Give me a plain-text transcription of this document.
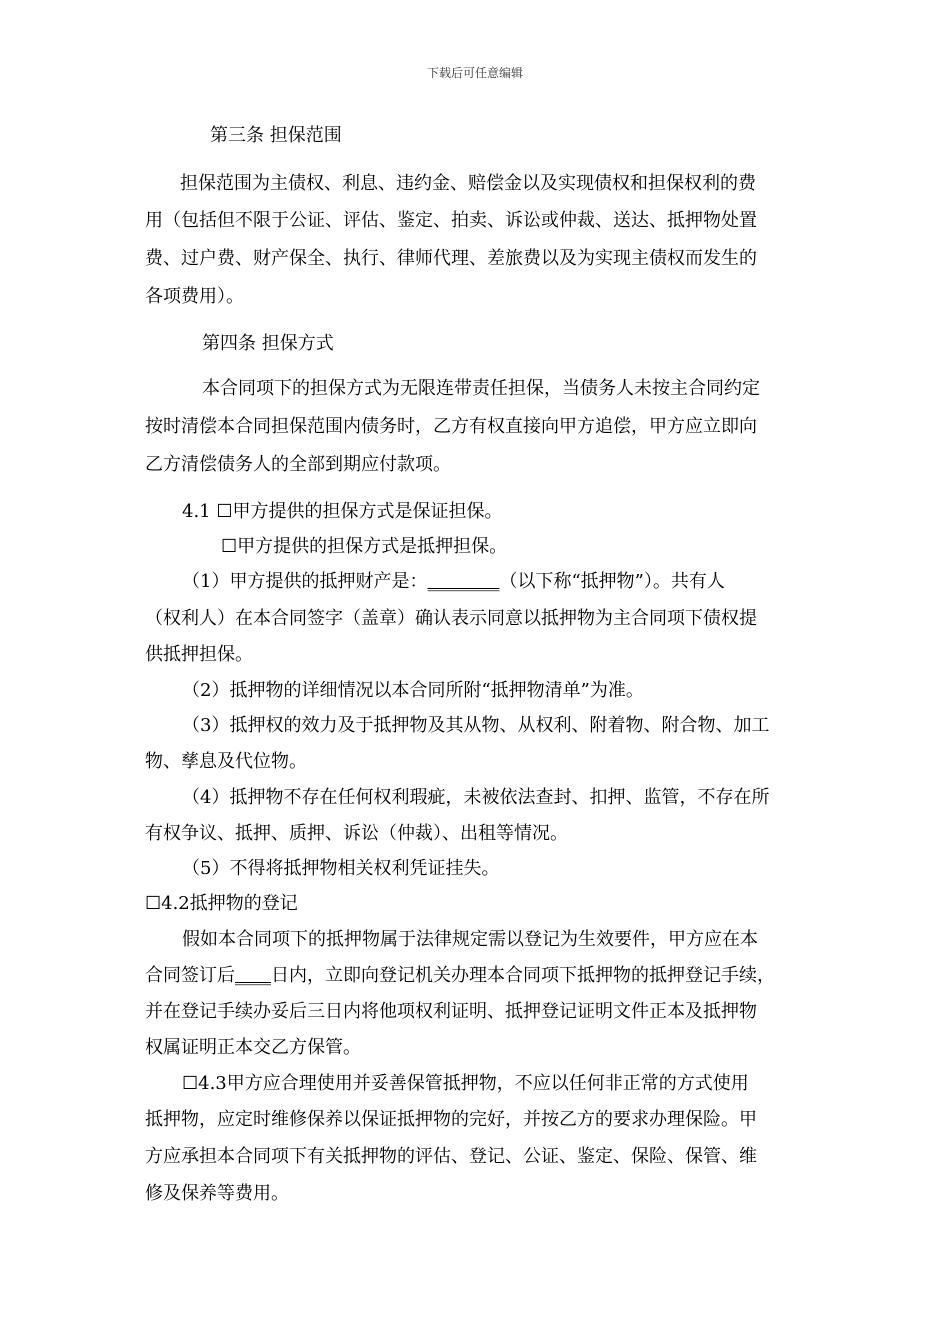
下载后可任意编辑
第三条 担保范围
担保范围为主债权、利息、违约金、赔偿金以及实现债权和担保权利的费
用（包括但不限于公证、评估、鉴定、拍卖、诉讼或仲裁、送达、抵押物处置
费、过户费、财产保全、执行、律师代理、差旅费以及为实现主债权而发生的
各项费用）。
第四条 担保方式
本合同项下的担保方式为无限连带责任担保，当债务人未按主合同约定
按时清偿本合同担保范围内债务时，乙方有权直接向甲方追偿，甲方应立即向
乙方清偿债务人的全部到期应付款项。
4.1 ☐甲方提供的担保方式是保证担保。
☐甲方提供的担保方式是抵押担保。
（1）甲方提供的抵押财产是：________（以下称“抵押物”）。共有人
（权利人）在本合同签字（盖章）确认表示同意以抵押物为主合同项下债权提
供抵押担保。
（2）抵押物的详细情况以本合同所附“抵押物清单”为准。
（3）抵押权的效力及于抵押物及其从物、从权利、附着物、附合物、加工
物、孳息及代位物。
（4）抵押物不存在任何权利瑕疵，未被依法查封、扣押、监管，不存在所
有权争议、抵押、质押、诉讼（仲裁）、出租等情况。
（5）不得将抵押物相关权利凭证挂失。
☐4.2抵押物的登记
假如本合同项下的抵押物属于法律规定需以登记为生效要件，甲方应在本
合同签订后____日内，立即向登记机关办理本合同项下抵押物的抵押登记手续，
并在登记手续办妥后三日内将他项权利证明、抵押登记证明文件正本及抵押物
权属证明正本交乙方保管。
☐4.3甲方应合理使用并妥善保管抵押物，不应以任何非正常的方式使用
抵押物，应定时维修保养以保证抵押物的完好，并按乙方的要求办理保险。甲
方应承担本合同项下有关抵押物的评估、登记、公证、鉴定、保险、保管、维
修及保养等费用。
